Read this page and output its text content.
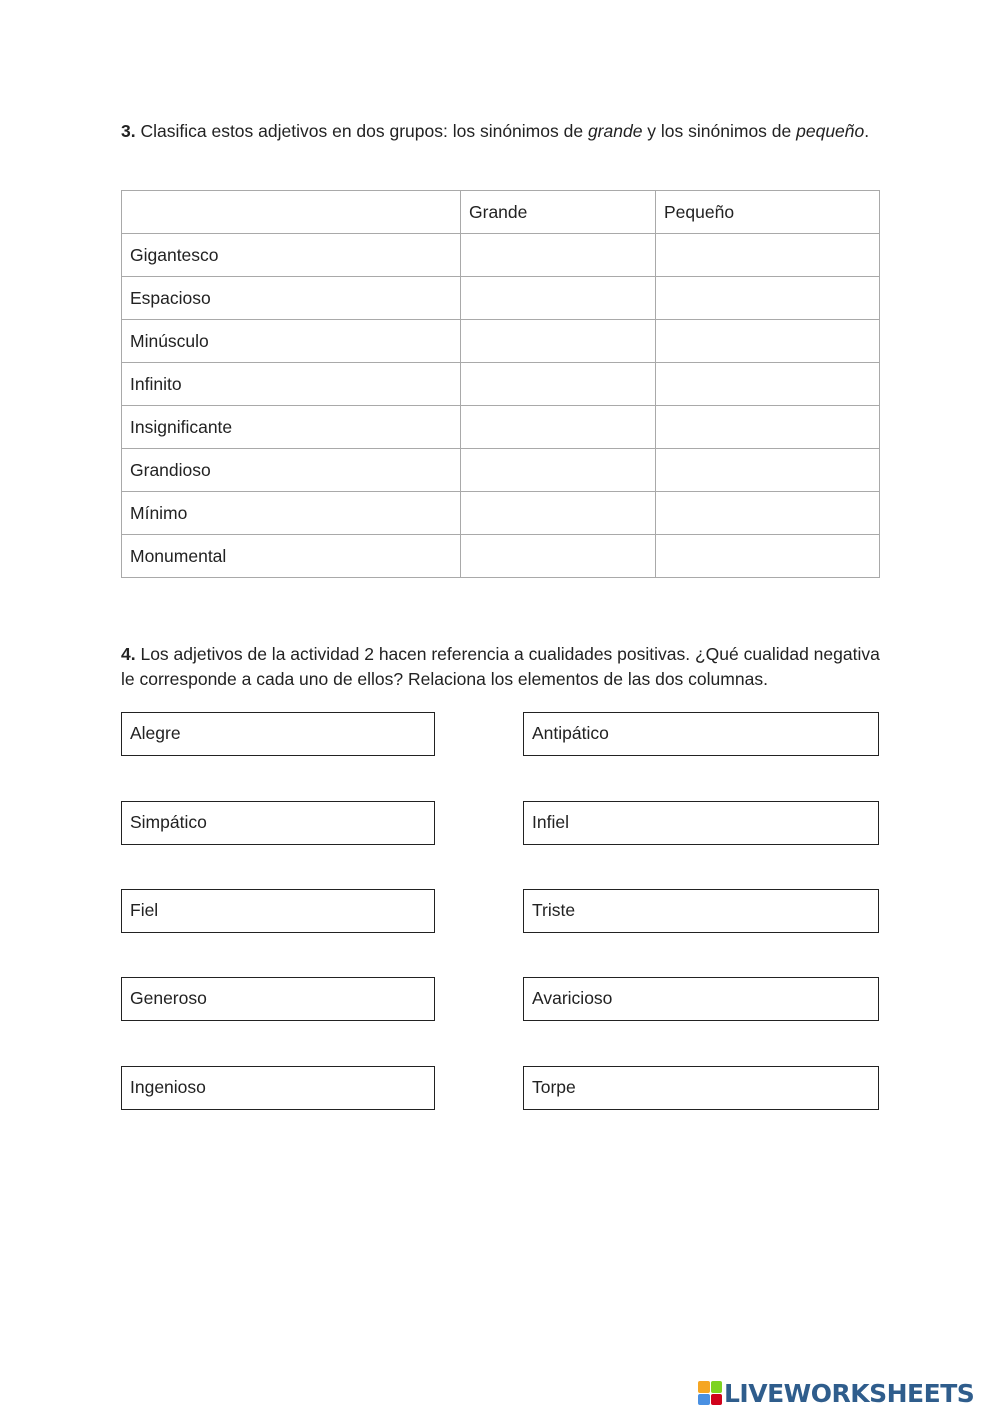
3. Clasifica estos adjetivos en dos grupos: los sinónimos de grande y los sinónimos de pequeño.

	Grande	Pequeño
Gigantesco		
Espacioso		
Minúsculo		
Infinito		
Insignificante		
Grandioso		
Mínimo		
Monumental		

4. Los adjetivos de la actividad 2 hacen referencia a cualidades positivas. ¿Qué cualidad negativa le corresponde a cada uno de ellos? Relaciona los elementos de las dos columnas.

Alegre	Antipático
Simpático	Infiel
Fiel	Triste
Generoso	Avaricioso
Ingenioso	Torpe
LIVEWORKSHEETS
